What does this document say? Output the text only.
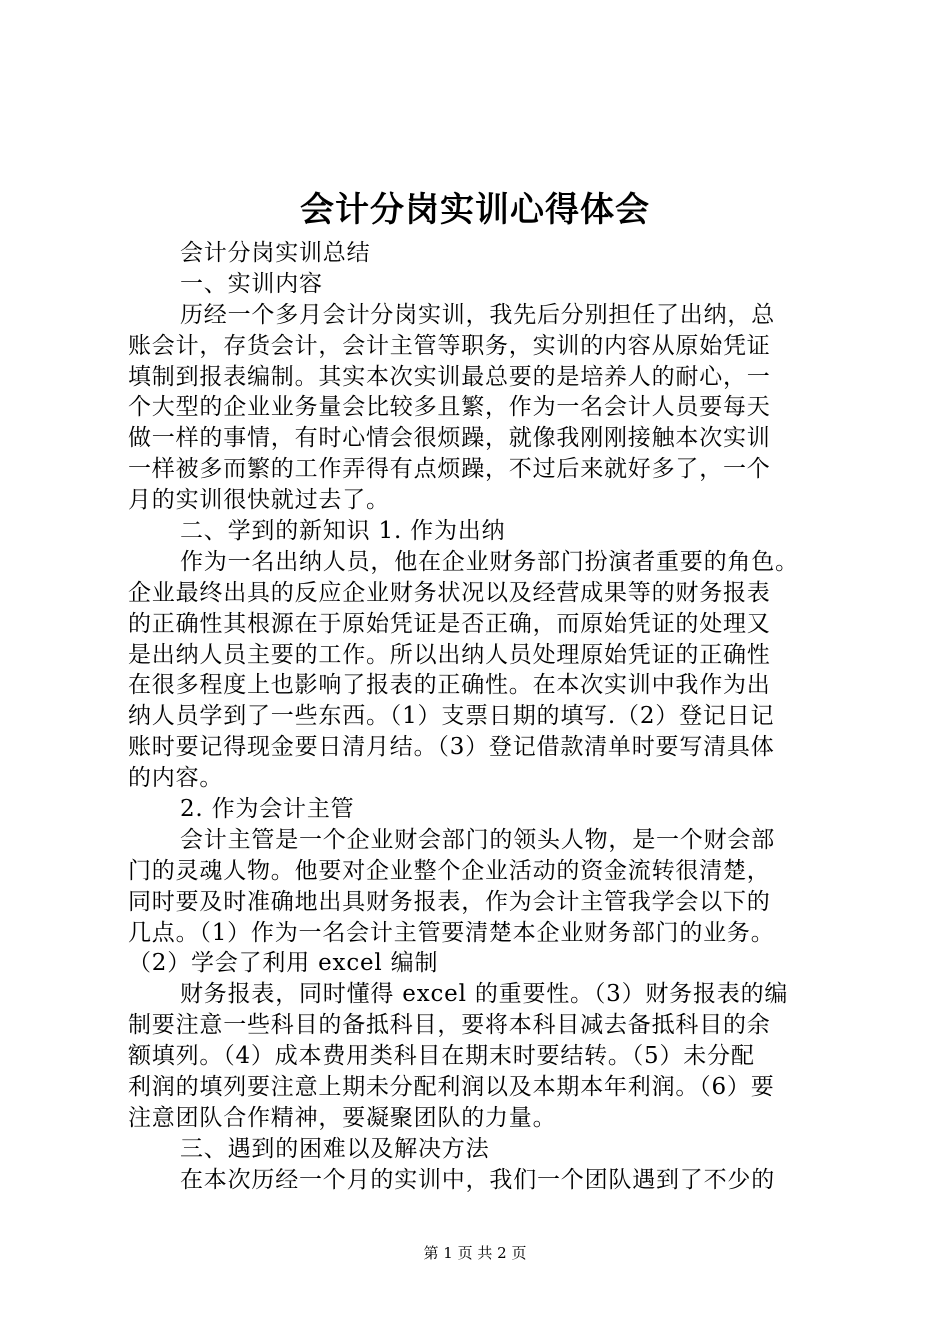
会计分岗实训心得体会
会计分岗实训总结
一、实训内容
历经一个多月会计分岗实训，我先后分别担任了出纳，总
账会计，存货会计，会计主管等职务，实训的内容从原始凭证
填制到报表编制。其实本次实训最总要的是培养人的耐心，一
个大型的企业业务量会比较多且繁，作为一名会计人员要每天
做一样的事情，有时心情会很烦躁，就像我刚刚接触本次实训
一样被多而繁的工作弄得有点烦躁，不过后来就好多了，一个
月的实训很快就过去了。
二、学到的新知识 1. 作为出纳
作为一名出纳人员，他在企业财务部门扮演者重要的角色。
企业最终出具的反应企业财务状况以及经营成果等的财务报表
的正确性其根源在于原始凭证是否正确，而原始凭证的处理又
是出纳人员主要的工作。所以出纳人员处理原始凭证的正确性
在很多程度上也影响了报表的正确性。在本次实训中我作为出
纳人员学到了一些东西。（1）支票日期的填写.（2）登记日记
账时要记得现金要日清月结。（3）登记借款清单时要写清具体
的内容。
2. 作为会计主管
会计主管是一个企业财会部门的领头人物，是一个财会部
门的灵魂人物。他要对企业整个企业活动的资金流转很清楚，
同时要及时准确地出具财务报表，作为会计主管我学会以下的
几点。（1）作为一名会计主管要清楚本企业财务部门的业务。
（2）学会了利用 excel 编制
财务报表，同时懂得 excel 的重要性。（3）财务报表的编
制要注意一些科目的备抵科目，要将本科目减去备抵科目的余
额填列。（4）成本费用类科目在期末时要结转。（5）未分配
利润的填列要注意上期未分配利润以及本期本年利润。（6）要
注意团队合作精神，要凝聚团队的力量。
三、遇到的困难以及解决方法
在本次历经一个月的实训中，我们一个团队遇到了不少的
第 1 页 共 2 页
